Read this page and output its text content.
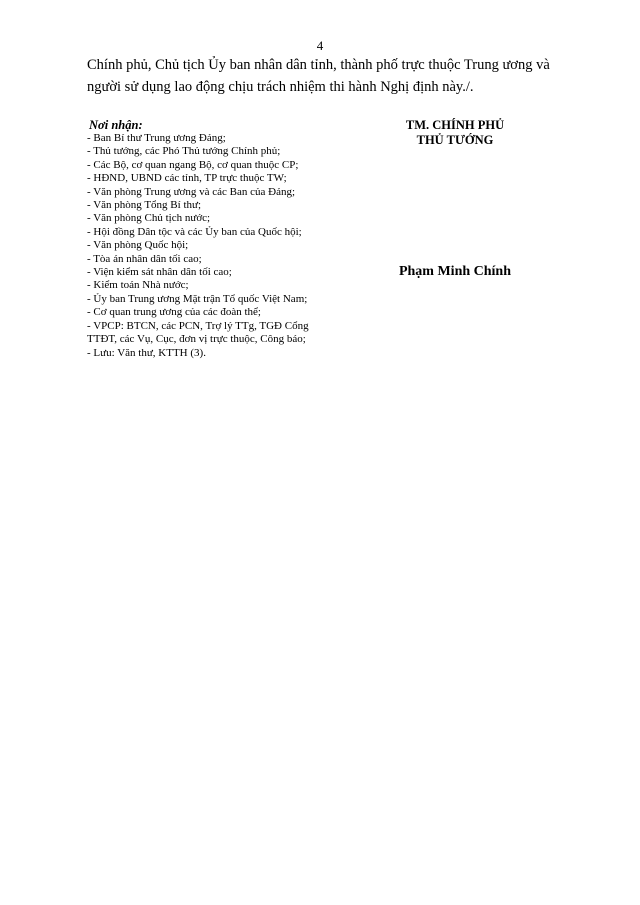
4

Chính phủ, Chủ tịch Ủy ban nhân dân tỉnh, thành phố trực thuộc Trung ương và

người sử dụng lao động chịu trách nhiệm thi hành Nghị định này./.

Nơi nhận:

- Ban Bí thư Trung ương Đảng;
- Thủ tướng, các Phó Thủ tướng Chính phủ;
- Các Bộ, cơ quan ngang Bộ, cơ quan thuộc CP;
- HĐND, UBND các tỉnh, TP trực thuộc TW;
- Văn phòng Trung ương và các Ban của Đảng;
- Văn phòng Tổng Bí thư;
- Văn phòng Chủ tịch nước;
- Hội đồng Dân tộc và các Ủy ban của Quốc hội;
- Văn phòng Quốc hội;
- Tòa án nhân dân tối cao;
- Viện kiểm sát nhân dân tối cao;
- Kiểm toán Nhà nước;
- Ủy ban Trung ương Mặt trận Tổ quốc Việt Nam;
- Cơ quan trung ương của các đoàn thể;
- VPCP: BTCN, các PCN, Trợ lý TTg, TGĐ Cổng
TTĐT, các Vụ, Cục, đơn vị trực thuộc, Công báo;
- Lưu: Văn thư, KTTH (3).

TM. CHÍNH PHỦ

THỦ TƯỚNG

Phạm Minh Chính
